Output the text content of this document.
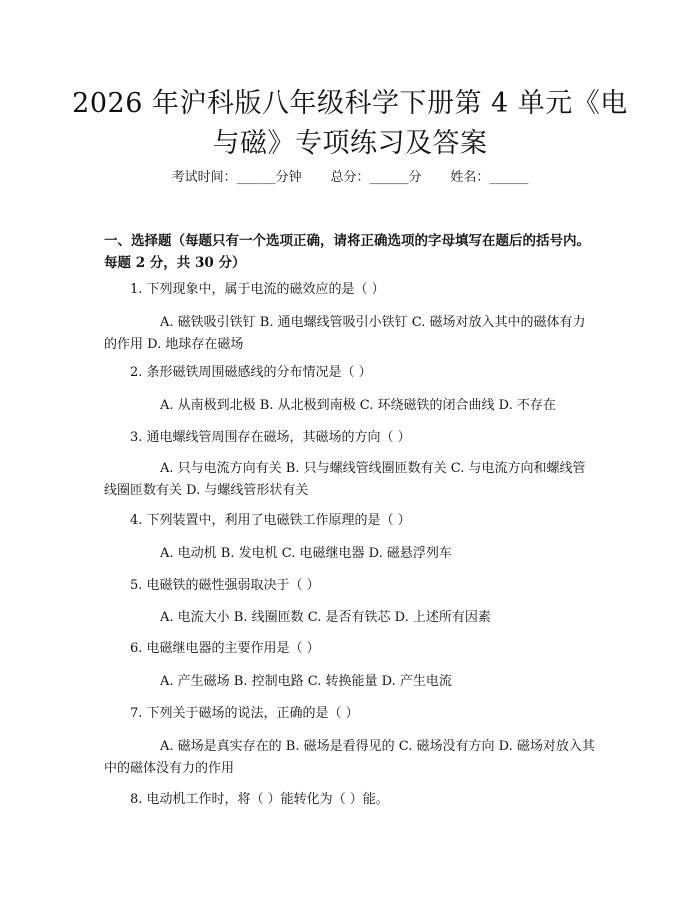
2026 年沪科版八年级科学下册第 4 单元《电与磁》专项练习及答案
考试时间：______分钟       总分：______分       姓名：______
一、选择题（每题只有一个选项正确，请将正确选项的字母填写在题后的括号内。每题 2 分，共 30 分）

1. 下列现象中，属于电流的磁效应的是（ ）

A. 磁铁吸引铁钉 B. 通电螺线管吸引小铁钉 C. 磁场对放入其中的磁体有力的作用 D. 地球存在磁场

2. 条形磁铁周围磁感线的分布情况是（ ）

A. 从南极到北极 B. 从北极到南极 C. 环绕磁铁的闭合曲线 D. 不存在

3. 通电螺线管周围存在磁场，其磁场的方向（ ）

A. 只与电流方向有关 B. 只与螺线管线圈匝数有关 C. 与电流方向和螺线管线圈匝数有关 D. 与螺线管形状有关

4. 下列装置中，利用了电磁铁工作原理的是（ ）

A. 电动机 B. 发电机 C. 电磁继电器 D. 磁悬浮列车

5. 电磁铁的磁性强弱取决于（ ）

A. 电流大小 B. 线圈匝数 C. 是否有铁芯 D. 上述所有因素

6. 电磁继电器的主要作用是（ ）

A. 产生磁场 B. 控制电路 C. 转换能量 D. 产生电流

7. 下列关于磁场的说法，正确的是（ ）

A. 磁场是真实存在的 B. 磁场是看得见的 C. 磁场没有方向 D. 磁场对放入其中的磁体没有力的作用

8. 电动机工作时，将（ ）能转化为（ ）能。
